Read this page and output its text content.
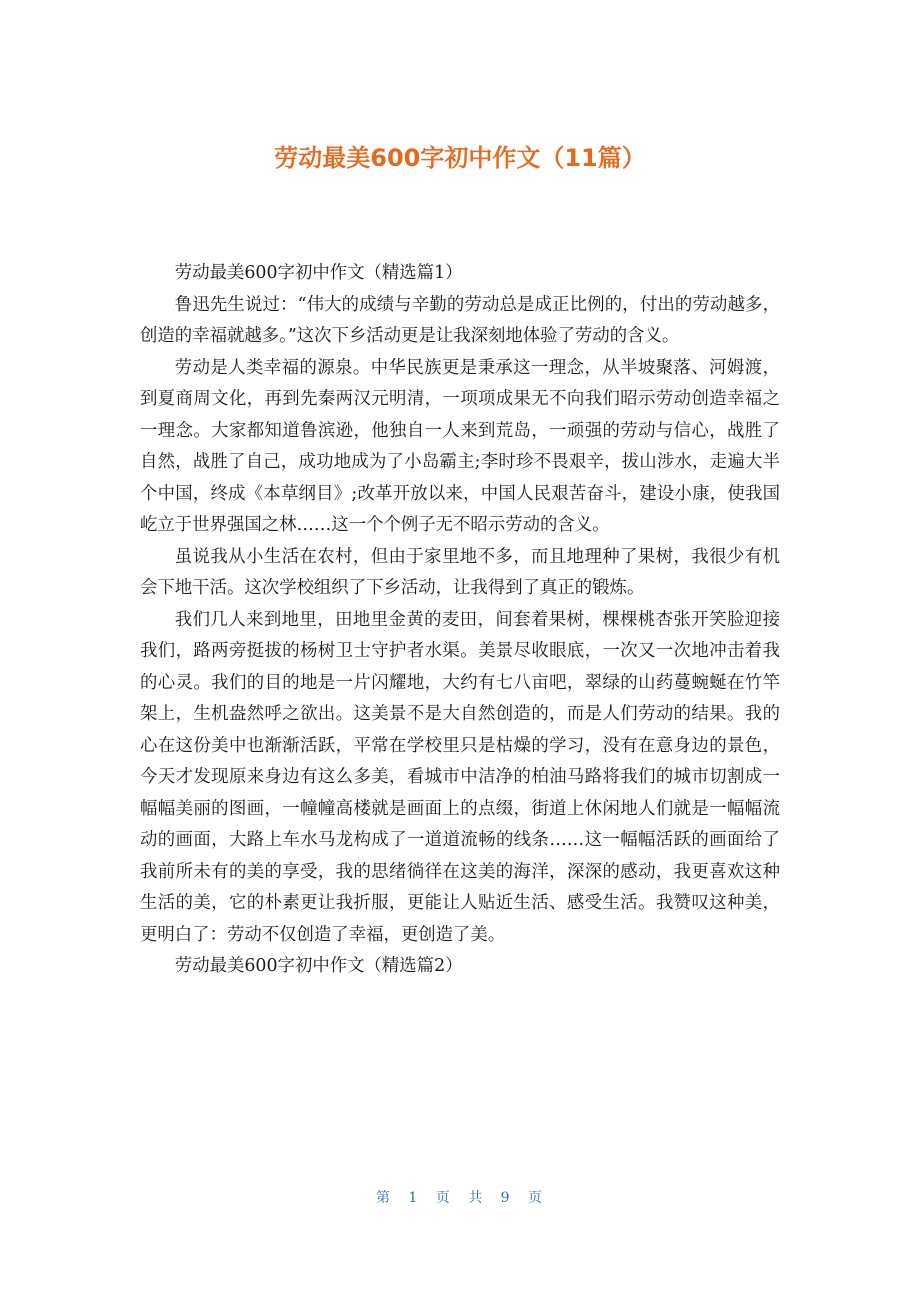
劳动最美600字初中作文（11篇）

劳动最美600字初中作文（精选篇1）

鲁迅先生说过：“伟大的成绩与辛勤的劳动总是成正比例的，付出的劳动越多，创造的幸福就越多。”这次下乡活动更是让我深刻地体验了劳动的含义。

劳动是人类幸福的源泉。中华民族更是秉承这一理念，从半坡聚落、河姆渡，到夏商周文化，再到先秦两汉元明清，一项项成果无不向我们昭示劳动创造幸福之一理念。大家都知道鲁滨逊，他独自一人来到荒岛，一顽强的劳动与信心，战胜了自然，战胜了自己，成功地成为了小岛霸主;李时珍不畏艰辛，拔山涉水，走遍大半个中国，终成《本草纲目》;改革开放以来，中国人民艰苦奋斗，建设小康，使我国屹立于世界强国之林……这一个个例子无不昭示劳动的含义。

虽说我从小生活在农村，但由于家里地不多，而且地理种了果树，我很少有机会下地干活。这次学校组织了下乡活动，让我得到了真正的锻炼。

我们几人来到地里，田地里金黄的麦田，间套着果树，棵棵桃杏张开笑脸迎接我们，路两旁挺拔的杨树卫士守护者水渠。美景尽收眼底，一次又一次地冲击着我的心灵。我们的目的地是一片闪耀地，大约有七八亩吧，翠绿的山药蔓蜿蜒在竹竿架上，生机盎然呼之欲出。这美景不是大自然创造的，而是人们劳动的结果。我的心在这份美中也渐渐活跃，平常在学校里只是枯燥的学习，没有在意身边的景色，今天才发现原来身边有这么多美，看城市中洁净的柏油马路将我们的城市切割成一幅幅美丽的图画，一幢幢高楼就是画面上的点缀，街道上休闲地人们就是一幅幅流动的画面，大路上车水马龙构成了一道道流畅的线条……这一幅幅活跃的画面给了我前所未有的美的享受，我的思绪徜徉在这美的海洋，深深的感动，我更喜欢这种生活的美，它的朴素更让我折服，更能让人贴近生活、感受生活。我赞叹这种美，更明白了：劳动不仅创造了幸福，更创造了美。

劳动最美600字初中作文（精选篇2）

第 1 页 共 9 页
